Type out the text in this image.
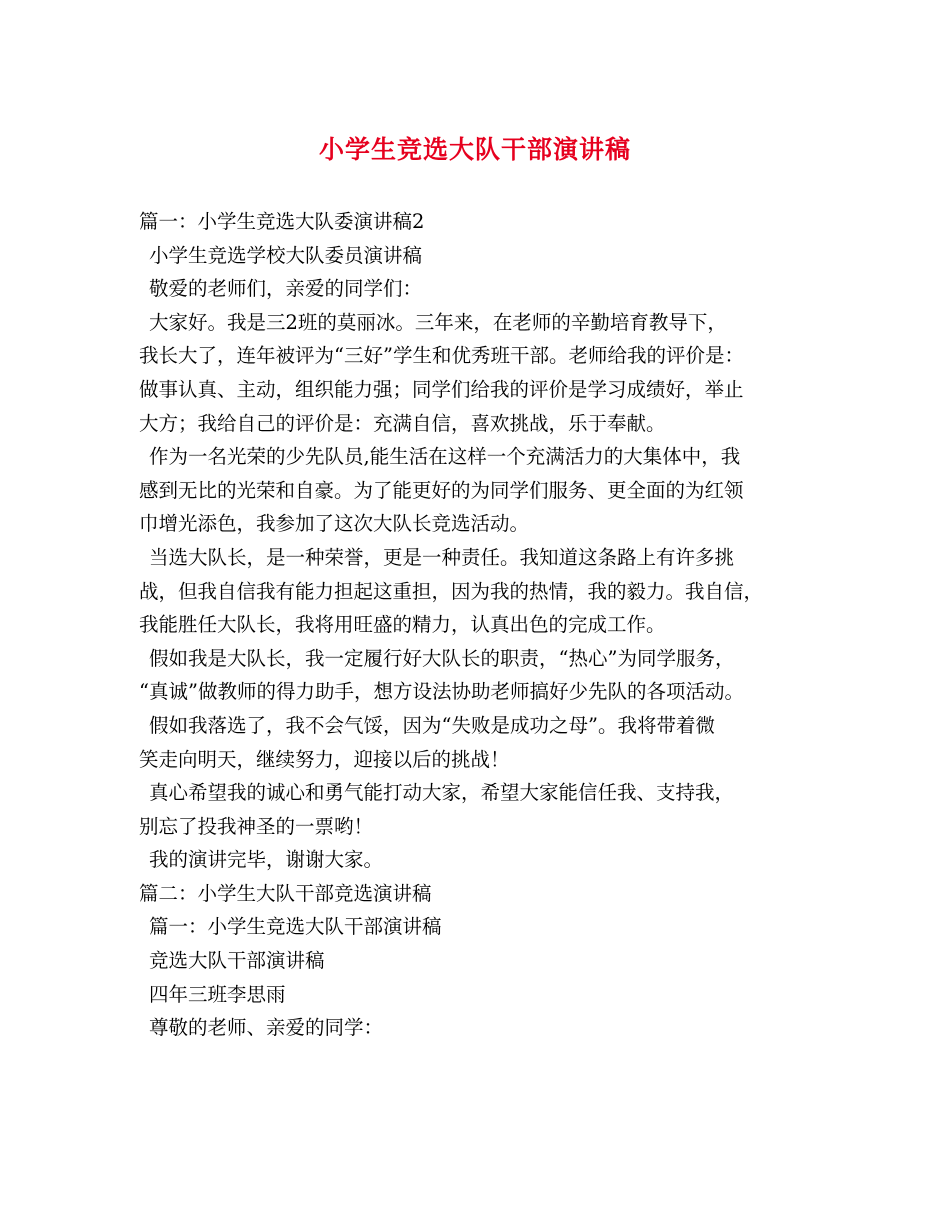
小学生竞选大队干部演讲稿
篇一：小学生竞选大队委演讲稿2
小学生竞选学校大队委员演讲稿
敬爱的老师们，亲爱的同学们：
大家好。我是三2班的莫丽冰。三年来，在老师的辛勤培育教导下，
我长大了，连年被评为“三好”学生和优秀班干部。老师给我的评价是：
做事认真、主动，组织能力强；同学们给我的评价是学习成绩好，举止
大方；我给自己的评价是：充满自信，喜欢挑战，乐于奉献。
作为一名光荣的少先队员,能生活在这样一个充满活力的大集体中，我
感到无比的光荣和自豪。为了能更好的为同学们服务、更全面的为红领
巾增光添色，我参加了这次大队长竞选活动。
当选大队长，是一种荣誉，更是一种责任。我知道这条路上有许多挑
战，但我自信我有能力担起这重担，因为我的热情，我的毅力。我自信，
我能胜任大队长，我将用旺盛的精力，认真出色的完成工作。
假如我是大队长，我一定履行好大队长的职责，“热心”为同学服务，
“真诚”做教师的得力助手，想方设法协助老师搞好少先队的各项活动。
假如我落选了，我不会气馁，因为“失败是成功之母”。我将带着微
笑走向明天，继续努力，迎接以后的挑战！
真心希望我的诚心和勇气能打动大家，希望大家能信任我、支持我，
别忘了投我神圣的一票哟！
我的演讲完毕，谢谢大家。
篇二：小学生大队干部竞选演讲稿
篇一：小学生竞选大队干部演讲稿
竞选大队干部演讲稿
四年三班李思雨
尊敬的老师、亲爱的同学：
